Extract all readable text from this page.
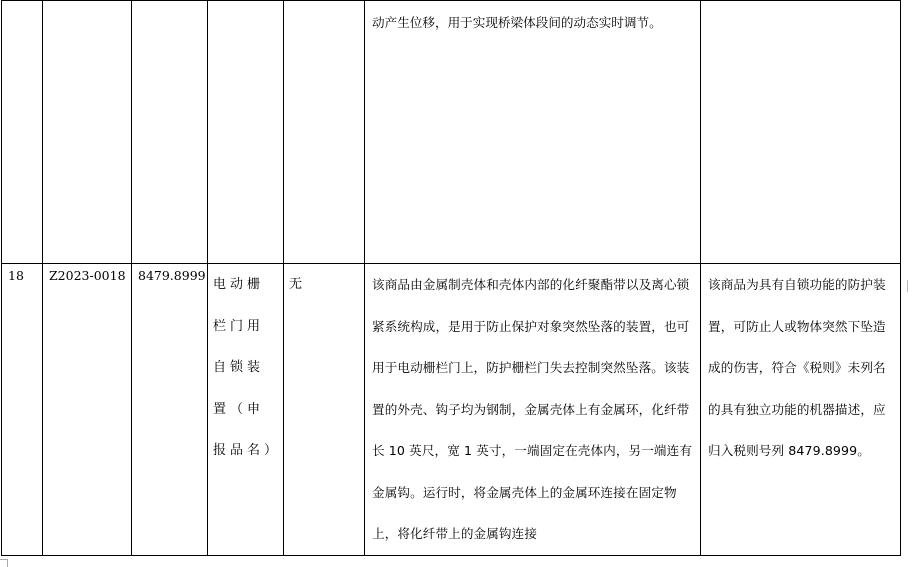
					动产生位移，用于实现桥梁体段间的动态实时调节。	

18	Z2023-0018	8479.8999	电动栅栏门用自锁装置（申报品名）	无	该商品由金属制壳体和壳体内部的化纤聚酯带以及离心锁紧系统构成，是用于防止保护对象突然坠落的装置，也可用于电动栅栏门上，防护栅栏门失去控制突然坠落。该装置的外壳、钩子均为钢制，金属壳体上有金属环，化纤带长 10 英尺，宽 1 英寸，一端固定在壳体内，另一端连有金属钩。运行时，将金属壳体上的金属环连接在固定物上，将化纤带上的金属钩连接	该商品为具有自锁功能的防护装置，可防止人或物体突然下坠造成的伤害，符合《税则》未列名的具有独立功能的机器描述，应归入税则号列 8479.8999。
